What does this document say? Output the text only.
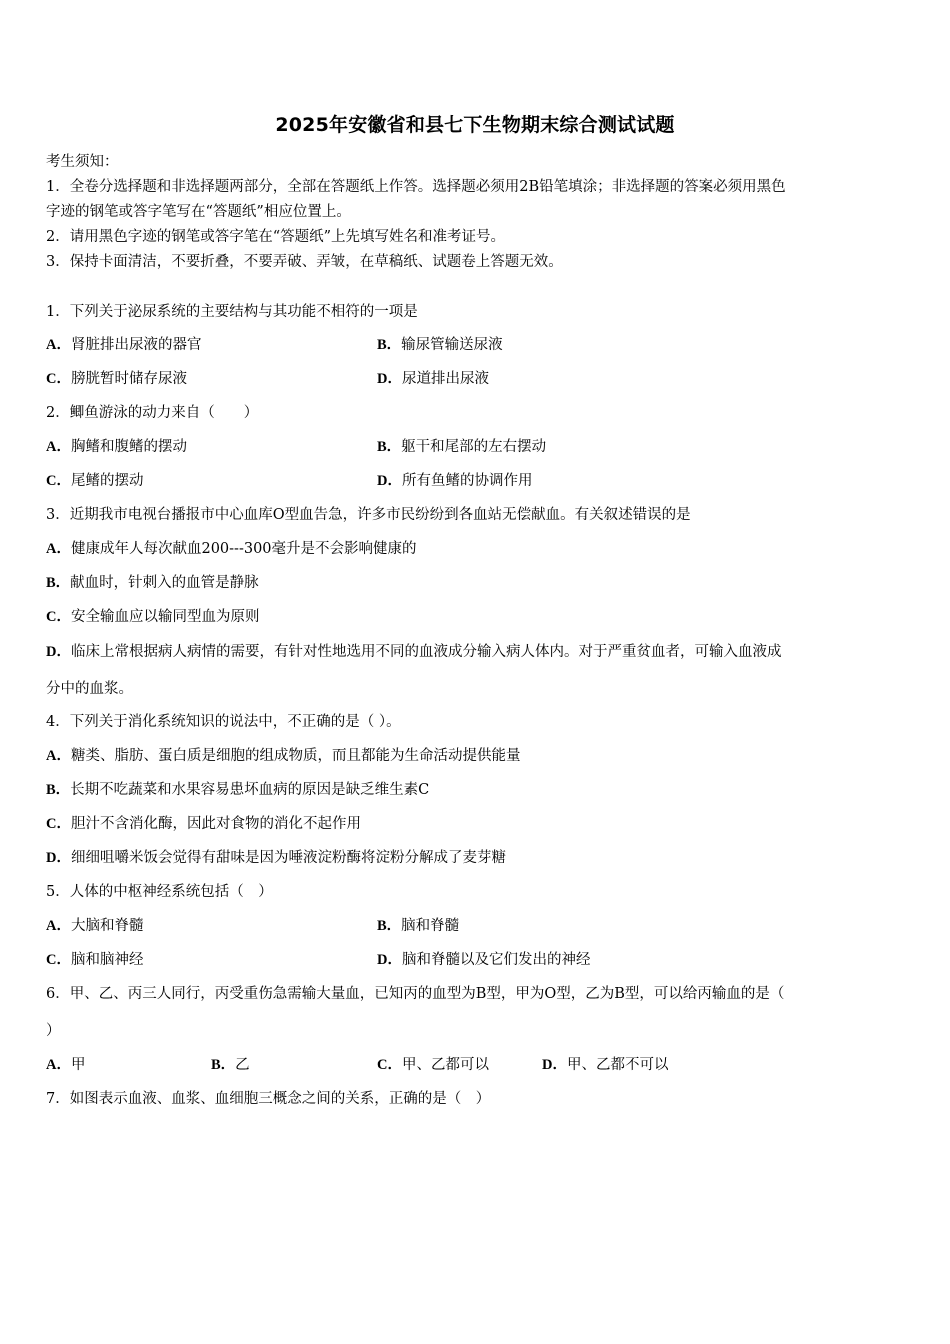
2025年安徽省和县七下生物期末综合测试试题
考生须知：
1．全卷分选择题和非选择题两部分，全部在答题纸上作答。选择题必须用2B铅笔填涂；非选择题的答案必须用黑色
字迹的钢笔或答字笔写在“答题纸”相应位置上。
2．请用黑色字迹的钢笔或答字笔在“答题纸”上先填写姓名和准考证号。
3．保持卡面清洁，不要折叠，不要弄破、弄皱，在草稿纸、试题卷上答题无效。
1．下列关于泌尿系统的主要结构与其功能不相符的一项是
A．肾脏排出尿液的器官	B．输尿管输送尿液
C．膀胱暂时储存尿液	D．尿道排出尿液
2．鲫鱼游泳的动力来自（　　）
A．胸鳍和腹鳍的摆动	B．躯干和尾部的左右摆动
C．尾鳍的摆动	D．所有鱼鳍的协调作用
3．近期我市电视台播报市中心血库O型血告急，许多市民纷纷到各血站无偿献血。有关叙述错误的是
A．健康成年人每次献血200---300毫升是不会影响健康的
B．献血时，针刺入的血管是静脉
C．安全输血应以输同型血为原则
D．临床上常根据病人病情的需要，有针对性地选用不同的血液成分输入病人体内。对于严重贫血者，可输入血液成
分中的血浆。
4．下列关于消化系统知识的说法中，不正确的是（ ）。
A．糖类、脂肪、蛋白质是细胞的组成物质，而且都能为生命活动提供能量
B．长期不吃蔬菜和水果容易患坏血病的原因是缺乏维生素C
C．胆汁不含消化酶，因此对食物的消化不起作用
D．细细咀嚼米饭会觉得有甜味是因为唾液淀粉酶将淀粉分解成了麦芽糖
5．人体的中枢神经系统包括（　）
A．大脑和脊髓	B．脑和脊髓
C．脑和脑神经	D．脑和脊髓以及它们发出的神经
6．甲、乙、丙三人同行，丙受重伤急需输大量血，已知丙的血型为B型，甲为O型，乙为B型，可以给丙输血的是（
）
A．甲	B．乙	C．甲、乙都可以	D．甲、乙都不可以
7．如图表示血液、血浆、血细胞三概念之间的关系，正确的是（　）
